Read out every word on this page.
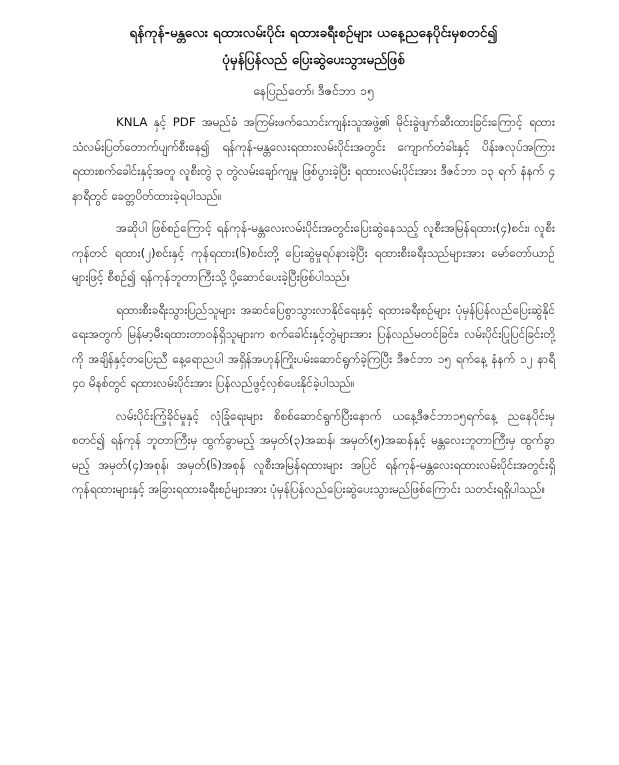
ရန်ကုန်-မန္တလေး ရထားလမ်းပိုင်း ရထားခရီးစဉ်များ ယနေ့ညနေပိုင်းမှစတင်၍

ပုံမှန်ပြန်လည် ပြေးဆွဲပေးသွားမည်ဖြစ်

နေပြည်တော်၊ ဒီဇင်ဘာ ၁၅

KNLA နှင့် PDF အမည်ခံ အကြမ်းဖက်သောင်းကျန်းသူအဖွဲ့၏ မိုင်းခွဲဖျက်ဆီးထားခြင်းကြောင့် ရထားသံလမ်းပြတ်တောက်ပျက်စီးနေ၍ ရန်ကုန်-မန္တလေးရထားလမ်းပိုင်းအတွင်း ကျောက်တံခါးနှင့် ပိန်းဇလုပ်အကြား ရထားစက်ခေါင်းနှင့်အတူ လူစီးတွဲ ၃ တွဲလမ်းချော်ကျမှု ဖြစ်ပွားခဲ့ပြီး ရထားလမ်းပိုင်းအား ဒီဇင်ဘာ ၁၃ ရက် နံနက် ၄ နာရီတွင် ခေတ္တပိတ်ထားခဲ့ရပါသည်။

အဆိုပါ ဖြစ်စဉ်ကြောင့် ရန်ကုန်-မန္တလေးလမ်းပိုင်းအတွင်းပြေးဆွဲနေသည့် လူစီးအမြန်ရထား(၄)စင်း၊ လူစီးကုန်တင် ရထား(၂)စင်းနှင့် ကုန်ရထား(၆)စင်းတို့ ပြေးဆွဲမှုရပ်နားခဲ့ပြီး ရထားစီးခရီးသည်များအား မော်တော်ယာဉ်များဖြင့် စီစဉ်၍ ရန်ကုန်ဘူတာကြီးသို့ ပို့ဆောင်ပေးခဲ့ပြီးဖြစ်ပါသည်။

ရထားစီးခရီးသွားပြည်သူများ အဆင်ပြေစွာသွားလာနိုင်ရေးနှင့် ရထားခရီးစဉ်များ ပုံမှန်ပြန်လည်ပြေးဆွဲနိုင်ရေးအတွက် မြန်မာ့မီးရထားတာဝန်ရှိသူများက စက်ခေါင်းနှင့်တွဲများအား ပြန်လည်မတင်ခြင်း၊ လမ်းပိုင်းပြုပြင်ခြင်းတို့ကို အချိန်နှင့်တပြေးညီ နေ့ရောညပါ အရှိန်အဟုန်ကြိုးပမ်းဆောင်ရွက်ခဲ့ကြပြီး ဒီဇင်ဘာ ၁၅ ရက်နေ့ နံနက် ၁၂ နာရီ ၄၀ မိနစ်တွင် ရထားလမ်းပိုင်းအား ပြန်လည်ဖွင့်လှစ်ပေးနိုင်ခဲ့ပါသည်။

လမ်းပိုင်းကြံ့ခိုင်မှုနှင့် လုံခြုံရေးများ စိစစ်ဆောင်ရွက်ပြီးနောက် ယနေ့ဒီဇင်ဘာ၁၅ရက်နေ့ ညနေပိုင်းမှစတင်၍ ရန်ကုန် ဘူတာကြီးမှ ထွက်ခွာမည့် အမှတ်(၃)အဆန်၊ အမှတ်(၅)အဆန်နှင့် မန္တလေးဘူတာကြီးမှ ထွက်ခွာမည့် အမှတ်(၄)အစုန်၊ အမှတ်(၆)အစုန် လူစီးအမြန်ရထားများ အပြင် ရန်ကုန်-မန္တလေးရထားလမ်းပိုင်းအတွင်းရှိ ကုန်ရထားများနှင့် အခြားရထားခရီးစဉ်များအား ပုံမှန်ပြန်လည်ပြေးဆွဲပေးသွားမည်ဖြစ်ကြောင်း သတင်းရရှိပါသည်။
